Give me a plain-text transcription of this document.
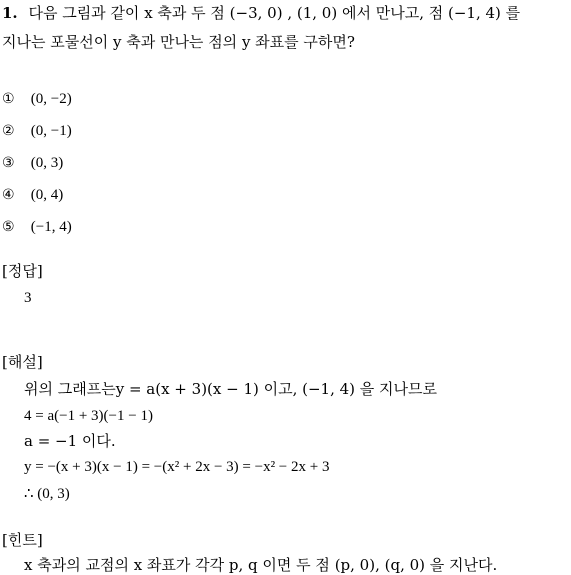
1. 다음 그림과 같이 x 축과 두 점 (−3, 0) , (1, 0) 에서 만나고, 점 (−1, 4) 를
지나는 포물선이 y 축과 만나는 점의 y 좌표를 구하면?
① (0, −2)
② (0, −1)
③ (0, 3)
④ (0, 4)
⑤ (−1, 4)
[정답]
3
[해설]
위의 그래프는y = a(x + 3)(x − 1) 이고, (−1, 4) 을 지나므로
4 = a(−1 + 3)(−1 − 1)
a = −1 이다.
y = −(x + 3)(x − 1) = −(x² + 2x − 3) = −x² − 2x + 3
∴ (0, 3)
[힌트]
x 축과의 교점의 x 좌표가 각각 p, q 이면 두 점 (p, 0), (q, 0) 을 지난다.
